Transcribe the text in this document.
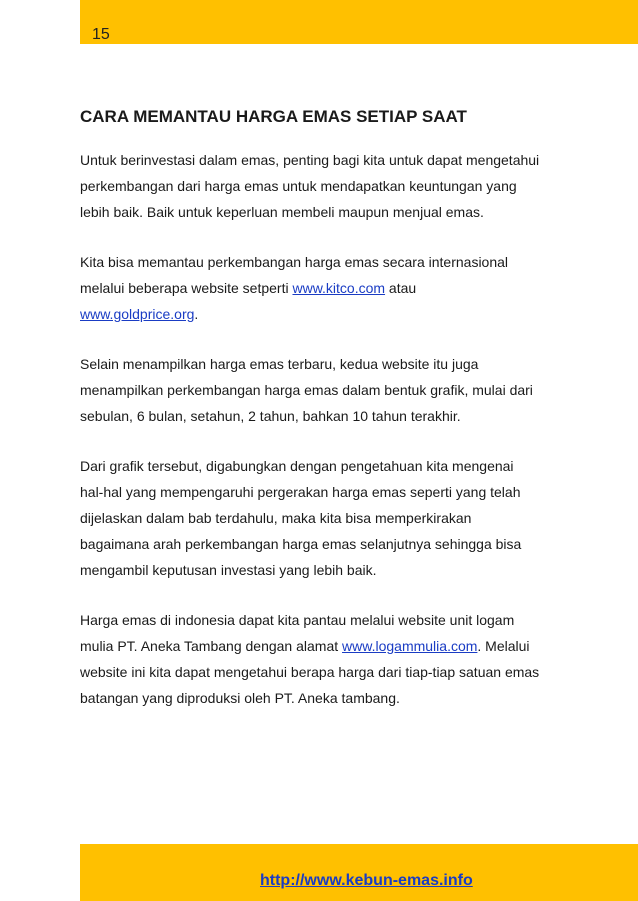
15
CARA MEMANTAU HARGA EMAS SETIAP SAAT

Untuk berinvestasi dalam emas, penting bagi kita untuk dapat mengetahui
perkembangan dari harga emas untuk mendapatkan keuntungan yang
lebih baik. Baik untuk keperluan membeli maupun menjual emas.

Kita bisa memantau perkembangan harga emas secara internasional
melalui beberapa website setperti www.kitco.com atau
www.goldprice.org.

Selain menampilkan harga emas terbaru, kedua website itu juga
menampilkan perkembangan harga emas dalam bentuk grafik, mulai dari
sebulan, 6 bulan, setahun, 2 tahun, bahkan 10 tahun terakhir.

Dari grafik tersebut, digabungkan dengan pengetahuan kita mengenai
hal-hal yang mempengaruhi pergerakan harga emas seperti yang telah
dijelaskan dalam bab terdahulu, maka kita bisa memperkirakan
bagaimana arah perkembangan harga emas selanjutnya sehingga bisa
mengambil keputusan investasi yang lebih baik.

Harga emas di indonesia dapat kita pantau melalui website unit logam
mulia PT. Aneka Tambang dengan alamat www.logammulia.com. Melalui
website ini kita dapat mengetahui berapa harga dari tiap-tiap satuan emas
batangan yang diproduksi oleh PT. Aneka tambang.

http://www.kebun-emas.info
